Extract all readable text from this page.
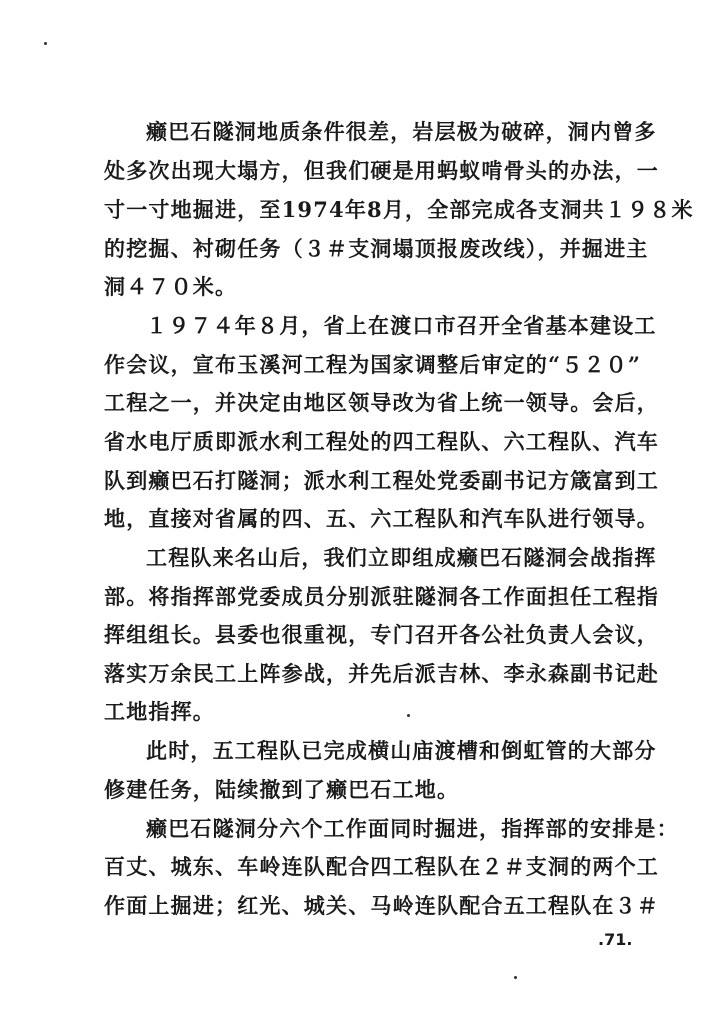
癞巴石隧洞地质条件很差，岩层极为破碎，洞内曾多
处多次出现大塌方，但我们硬是用蚂蚁啃骨头的办法，一
寸一寸地掘进，至1974年8月，全部完成各支洞共１９８米
的挖掘、衬砌任务（３＃支洞塌顶报废改线），并掘进主
洞４７０米。
１９７４年８月，省上在渡口市召开全省基本建设工
作会议，宣布玉溪河工程为国家调整后审定的“５２０”
工程之一，并决定由地区领导改为省上统一领导。会后，
省水电厅质即派水利工程处的四工程队、六工程队、汽车
队到癞巴石打隧洞；派水利工程处党委副书记方箴富到工
地，直接对省属的四、五、六工程队和汽车队进行领导。
工程队来名山后，我们立即组成癞巴石隧洞会战指挥
部。将指挥部党委成员分别派驻隧洞各工作面担任工程指
挥组组长。县委也很重视，专门召开各公社负责人会议，
落实万余民工上阵参战，并先后派吉林、李永森副书记赴
工地指挥。
此时，五工程队已完成横山庙渡槽和倒虹管的大部分
修建任务，陆续撤到了癞巴石工地。
癞巴石隧洞分六个工作面同时掘进，指挥部的安排是：
百丈、城东、车岭连队配合四工程队在２＃支洞的两个工
作面上掘进；红光、城关、马岭连队配合五工程队在３＃
.71.
